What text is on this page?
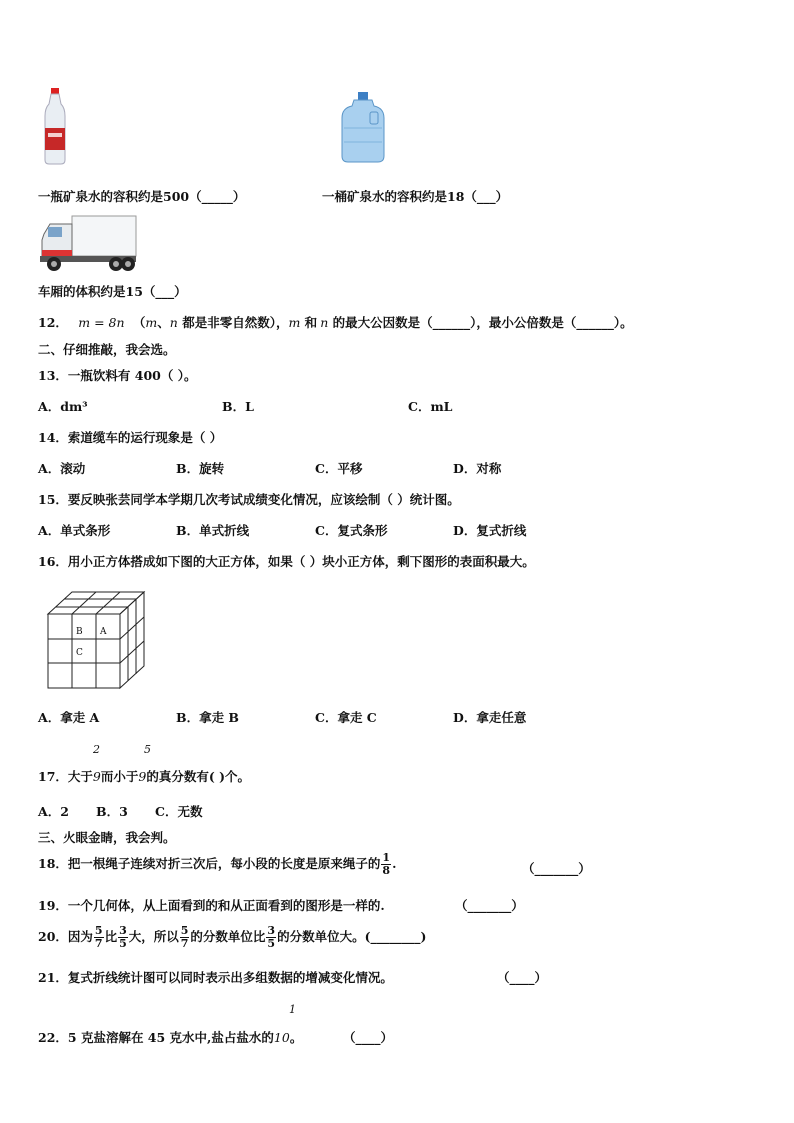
一瓶矿泉水的容积约是500（_____）	一桶矿泉水的容积约是18（___）
车厢的体积约是15（___）
12． m = 8n （m、n 都是非零自然数），m 和 n 的最大公因数是（______），最小公倍数是（______）。
二、仔细推敲，我会选。
13．一瓶饮料有 400（ ）。
A．dm³	B．L	C．mL
14．索道缆车的运行现象是（ ）
A．滚动	B．旋转	C．平移	D．对称
15．要反映张芸同学本学期几次考试成绩变化情况，应该绘制（ ）统计图。
A．单式条形	B．单式折线	C．复式条形	D．复式折线
16．用小正方体搭成如下图的大正方体，如果（ ）块小正方体，剩下图形的表面积最大。
B A
C
A．拿走 A	B．拿走 B	C．拿走 C	D．拿走任意
2	5
17．大于9而小于9的真分数有( )个。
A．2 B．3 C．无数
三、火眼金睛，我会判。
18．把一根绳子连续对折三次后，每小段的长度是原来绳子的 $\frac{1}{8}$ .	（_______）
19．一个几何体，从上面看到的和从正面看到的图形是一样的.	（_______）
20．因为 $\frac{5}{7}$ 比 $\frac{3}{5}$ 大，所以 $\frac{5}{7}$ 的分数单位比 $\frac{3}{5}$ 的分数单位大。(________)
21．复式折线统计图可以同时表示出多组数据的增减变化情况。	（____）
1
22．5 克盐溶解在 45 克水中,盐占盐水的10。	（____）
